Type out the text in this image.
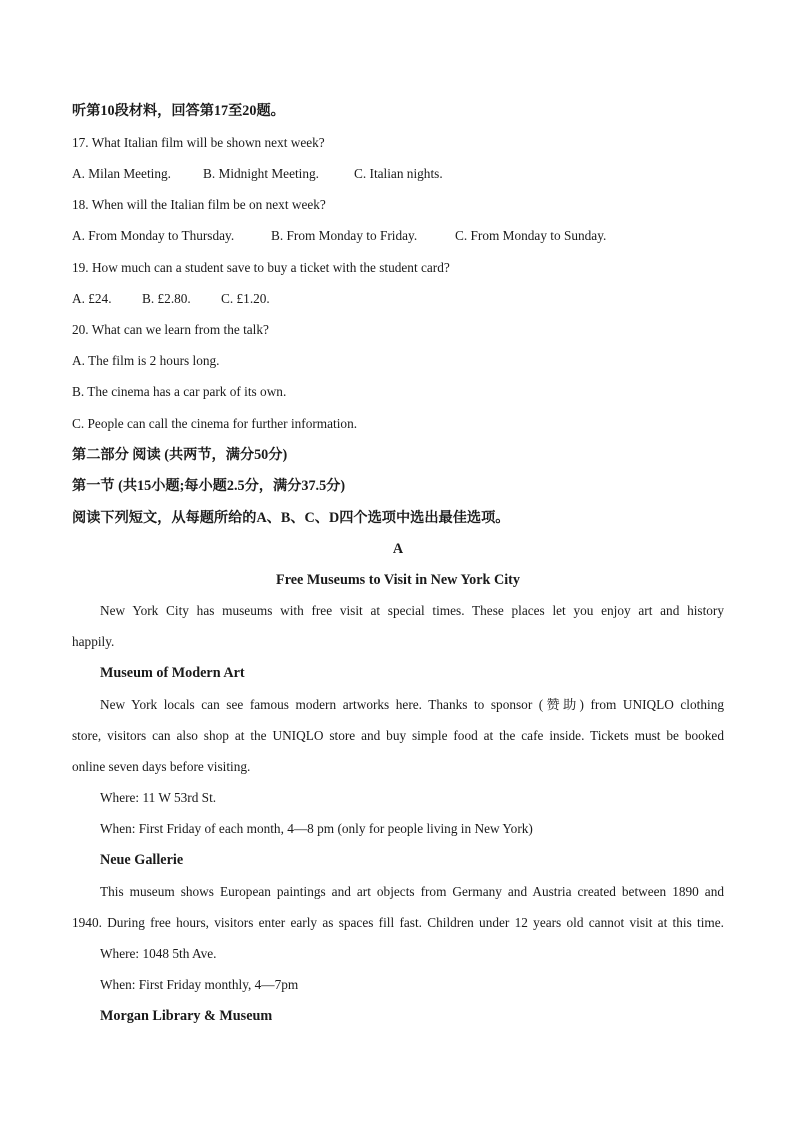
听第10段材料，回答第17至20题。
17. What Italian film will be shown next week?
A. Milan Meeting. B. Midnight Meeting.	C. Italian nights.
18. When will the Italian film be on next week?
A. From Monday to Thursday.	B. From Monday to Friday.	C. From Monday to Sunday.
19. How much can a student save to buy a ticket with the student card?
A. £24. B. £2.80. C. £1.20.
20. What can we learn from the talk?
A. The film is 2 hours long.
B. The cinema has a car park of its own.
C. People can call the cinema for further information.
第二部分 阅读 (共两节，满分50分)
第一节 (共15小题;每小题2.5分，满分37.5分)
阅读下列短文，从每题所给的A、B、C、D四个选项中选出最佳选项。
A
Free Museums to Visit in New York City
New York City has museums with free visit at special times. These places let you enjoy art and history
happily.
Museum of Modern Art
New York locals can see famous modern artworks here. Thanks to sponsor (赞助) from UNIQLO clothing
store, visitors can also shop at the UNIQLO store and buy simple food at the cafe inside. Tickets must be booked
online seven days before visiting.
Where: 11 W 53rd St.
When: First Friday of each month, 4—8 pm (only for people living in New York)
Neue Gallerie
This museum shows European paintings and art objects from Germany and Austria created between 1890 and
1940. During free hours, visitors enter early as spaces fill fast. Children under 12 years old cannot visit at this time.
Where: 1048 5th Ave.
When: First Friday monthly, 4—7pm
Morgan Library & Museum
